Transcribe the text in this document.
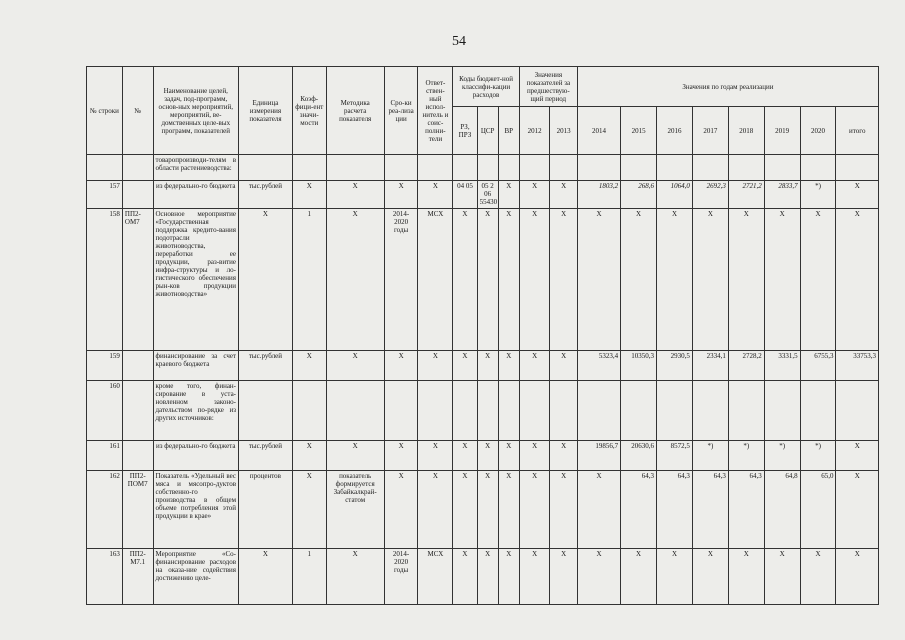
54
№ строки	№	Наименование целей, задач, под-программ, основ-ных мероприятий, мероприятий, ве-домственных целе-вых программ, показателей	Единица измерения показателя	Коэф-фици-ент значи-мости	Методика расчета показателя	Сро-ки реа-лиза ции	Ответ-ствен-ный испол-нитель и соис-полни-тели	Коды бюджет-ной классифи-кации расходов			Значения показателей за предшествую-щий период		Значения по годам реализации							
								РЗ, ПРЗ	ЦСР	ВР	2012	2013	2014	2015	2016	2017	2018	2019	2020	итого
		товаропроизводи-телям в области растениеводства:																		
157		из федерально-го бюджета	тыс.рублей	X	X	X	X	04 05	05 2 06 55430	X	X	X	1803,2	268,6	1064,0	2692,3	2721,2	2833,7	*)	X
158	ПП2-ОМ7	Основное мероприятие «Государственная поддержка кредито-вания подотрасли животноводства, переработки ее продукции, раз-витие инфра-структуры и ло-гистического обеспечения рын-ков продукции животноводства»	X	1	X	2014-2020 годы	МСХ	X	X	X	X	X	X	X	X	X	X	X	X	X
159		финансирование за счет краевого бюджета	тыс.рублей	X	X	X	X	X	X	X	X	X	5323,4	10350,3	2930,5	2334,1	2728,2	3331,5	6755,3	33753,3
160		кроме того, финан-сирование в уста-новленном законо-дательством по-рядке из других источников:																		
161		из федерально-го бюджета	тыс.рублей	X	X	X	X	X	X	X	X	X	19856,7	20630,6	8572,5	*)	*)	*)	*)	X
162	ПП2-ПОМ7	Показатель «Удельный вес мяса и мясопро-дуктов собственно-го производства в общем объеме потребления этой продукции в крае»	процентов	X	показатель формируется Забайкалкрай-статом	X	X	X	X	X	X	X	X	64,3	64,3	64,3	64,3	64,8	65,0	X
163	ПП2-М7.1	Мероприятие «Со-финансирование расходов на оказа-ние содействия достижению целе-	X	1	X	2014-2020 годы	МСХ	X	X	X	X	X	X	X	X	X	X	X	X	X
